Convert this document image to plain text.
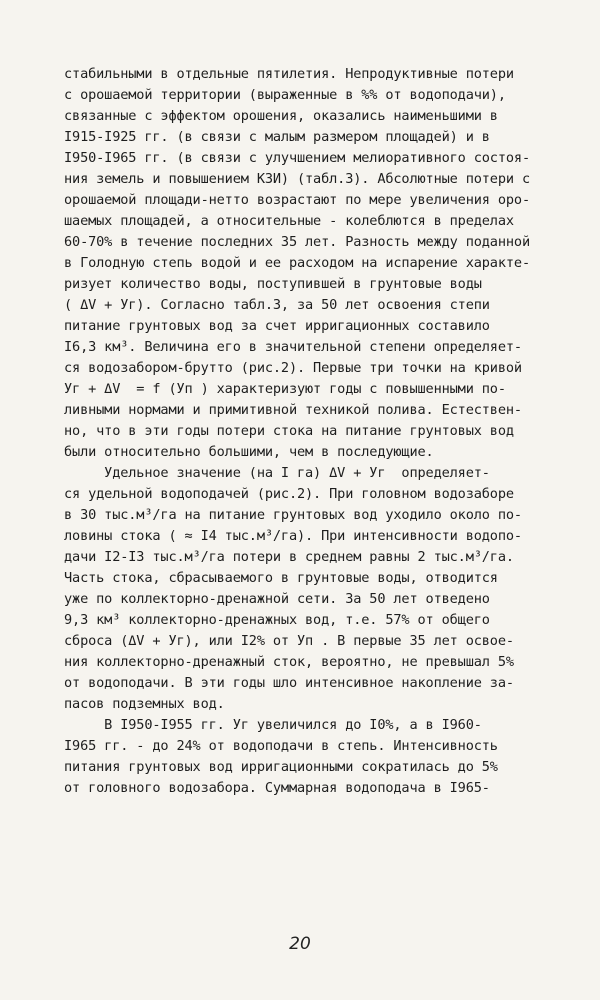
стабильными в отдельные пятилетия. Непродуктивные потери
с орошаемой территории (выраженные в %% от водоподачи),
связанные с эффектом орошения, оказались наименьшими в
I915-I925 гг. (в связи с малым размером площадей) и в
I950-I965 гг. (в связи с улучшением мелиоративного состоя-
ния земель и повышением КЗИ) (табл.3). Абсолютные потери с
орошаемой площади-нетто возрастают по мере увеличения оро-
шаемых площадей, а относительные - колеблются в пределах
60-70% в течение последних 35 лет. Разность между поданной
в Голодную степь водой и ее расходом на испарение характе-
ризует количество воды, поступившей в грунтовые воды
( ΔV + Уг). Согласно табл.3, за 50 лет освоения степи
питание грунтовых вод за счет ирригационных составило
I6,3 км³. Величина его в значительной степени определяет-
ся водозабором-брутто (рис.2). Первые три точки на кривой
Уг + ΔV  = f (Уп ) характеризуют годы с повышенными по-
ливными нормами и примитивной техникой полива. Естествен-
но, что в эти годы потери стока на питание грунтовых вод
были относительно большими, чем в последующие.
Удельное значение (на I га) ΔV + Уг  определяет-
ся удельной водоподачей (рис.2). При головном водозаборе
в 30 тыс.м³/га на питание грунтовых вод уходило около по-
ловины стока ( ≈ I4 тыс.м³/га). При интенсивности водопо-
дачи I2-I3 тыс.м³/га потери в среднем равны 2 тыс.м³/га.
Часть стока, сбрасываемого в грунтовые воды, отводится
уже по коллекторно-дренажной сети. За 50 лет отведено
9,3 км³ коллекторно-дренажных вод, т.е. 57% от общего
сброса (ΔV + Уг), или I2% от Уп . В первые 35 лет освое-
ния коллекторно-дренажный сток, вероятно, не превышал 5%
от водоподачи. В эти годы шло интенсивное накопление за-
пасов подземных вод.
В I950-I955 гг. Уг увеличился до I0%, а в I960-
I965 гг. - до 24% от водоподачи в степь. Интенсивность
питания грунтовых вод ирригационными сократилась до 5%
от головного водозабора. Суммарная водоподача в I965-
20
